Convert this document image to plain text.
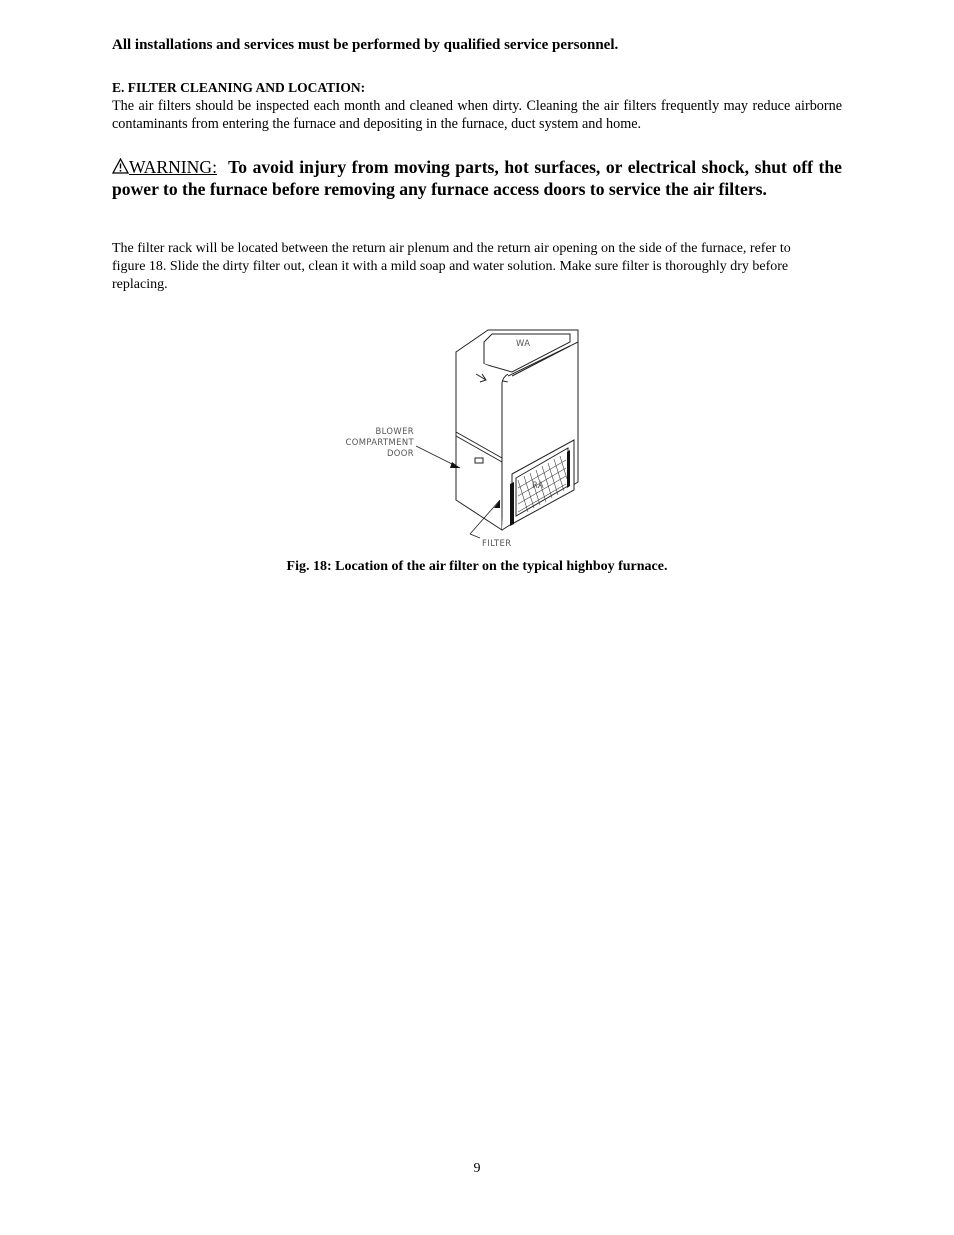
All installations and services must be performed by qualified service personnel.
E. FILTER CLEANING AND LOCATION:
The air filters should be inspected each month and cleaned when dirty. Cleaning the air filters frequently may reduce airborne contaminants from entering the furnace and depositing in the furnace, duct system and home.
WARNING: To avoid injury from moving parts, hot surfaces, or electrical shock, shut off the power to the furnace before removing any furnace access doors to service the air filters.
The filter rack will be located between the return air plenum and the return air opening on the side of the furnace, refer to figure 18. Slide the dirty filter out, clean it with a mild soap and water solution. Make sure filter is thoroughly dry before replacing.
WA
BLOWER
COMPARTMENT
DOOR
RA
FILTER
Fig. 18: Location of the air filter on the typical highboy furnace.
9
